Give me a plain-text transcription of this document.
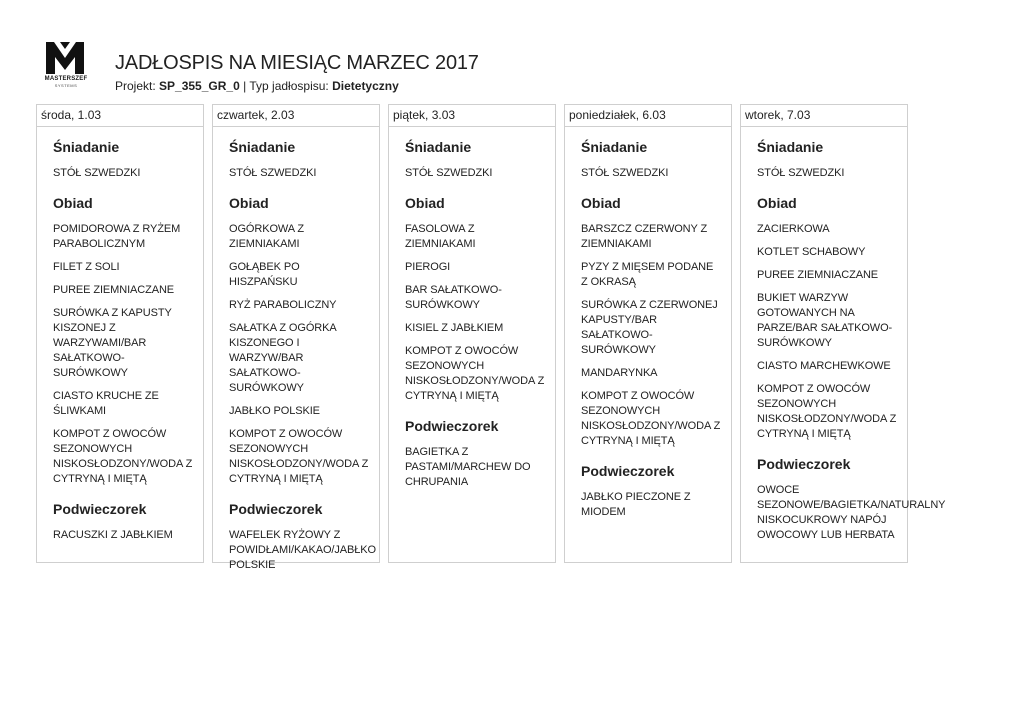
MASTERSZEF
SYSTEMS
JADŁOSPIS NA MIESIĄC MARZEC 2017
Projekt: SP_355_GR_0 | Typ jadłospisu: Dietetyczny
środa, 1.03
Śniadanie
STÓŁ SZWEDZKI
Obiad
POMIDOROWA Z RYŻEM PARABOLICZNYM
FILET Z SOLI
PUREE ZIEMNIACZANE
SURÓWKA Z KAPUSTY KISZONEJ Z WARZYWAMI/BAR SAŁATKOWO-SURÓWKOWY
CIASTO KRUCHE ZE ŚLIWKAMI
KOMPOT Z OWOCÓW SEZONOWYCH NISKOSŁODZONY/WODA Z CYTRYNĄ I MIĘTĄ
Podwieczorek
RACUSZKI Z JABŁKIEM
czwartek, 2.03
Śniadanie
STÓŁ SZWEDZKI
Obiad
OGÓRKOWA Z ZIEMNIAKAMI
GOŁĄBEK PO HISZPAŃSKU
RYŻ PARABOLICZNY
SAŁATKA Z OGÓRKA KISZONEGO I WARZYW/BAR SAŁATKOWO-SURÓWKOWY
JABŁKO POLSKIE
KOMPOT Z OWOCÓW SEZONOWYCH NISKOSŁODZONY/WODA Z CYTRYNĄ I MIĘTĄ
Podwieczorek
WAFELEK RYŻOWY Z POWIDŁAMI/KAKAO/JABŁKO POLSKIE
piątek, 3.03
Śniadanie
STÓŁ SZWEDZKI
Obiad
FASOLOWA Z ZIEMNIAKAMI
PIEROGI
BAR SAŁATKOWO-SURÓWKOWY
KISIEL Z JABŁKIEM
KOMPOT Z OWOCÓW SEZONOWYCH NISKOSŁODZONY/WODA Z CYTRYNĄ I MIĘTĄ
Podwieczorek
BAGIETKA Z PASTAMI/MARCHEW DO CHRUPANIA
poniedziałek, 6.03
Śniadanie
STÓŁ SZWEDZKI
Obiad
BARSZCZ CZERWONY Z ZIEMNIAKAMI
PYZY Z MIĘSEM PODANE Z OKRASĄ
SURÓWKA Z CZERWONEJ KAPUSTY/BAR SAŁATKOWO-SURÓWKOWY
MANDARYNKA
KOMPOT Z OWOCÓW SEZONOWYCH NISKOSŁODZONY/WODA Z CYTRYNĄ I MIĘTĄ
Podwieczorek
JABŁKO PIECZONE Z MIODEM
wtorek, 7.03
Śniadanie
STÓŁ SZWEDZKI
Obiad
ZACIERKOWA
KOTLET SCHABOWY
PUREE ZIEMNIACZANE
BUKIET WARZYW GOTOWANYCH NA PARZE/BAR SAŁATKOWO-SURÓWKOWY
CIASTO MARCHEWKOWE
KOMPOT Z OWOCÓW SEZONOWYCH NISKOSŁODZONY/WODA Z CYTRYNĄ I MIĘTĄ
Podwieczorek
OWOCE SEZONOWE/BAGIETKA/NATURALNY NISKOCUKROWY NAPÓJ OWOCOWY LUB HERBATA
